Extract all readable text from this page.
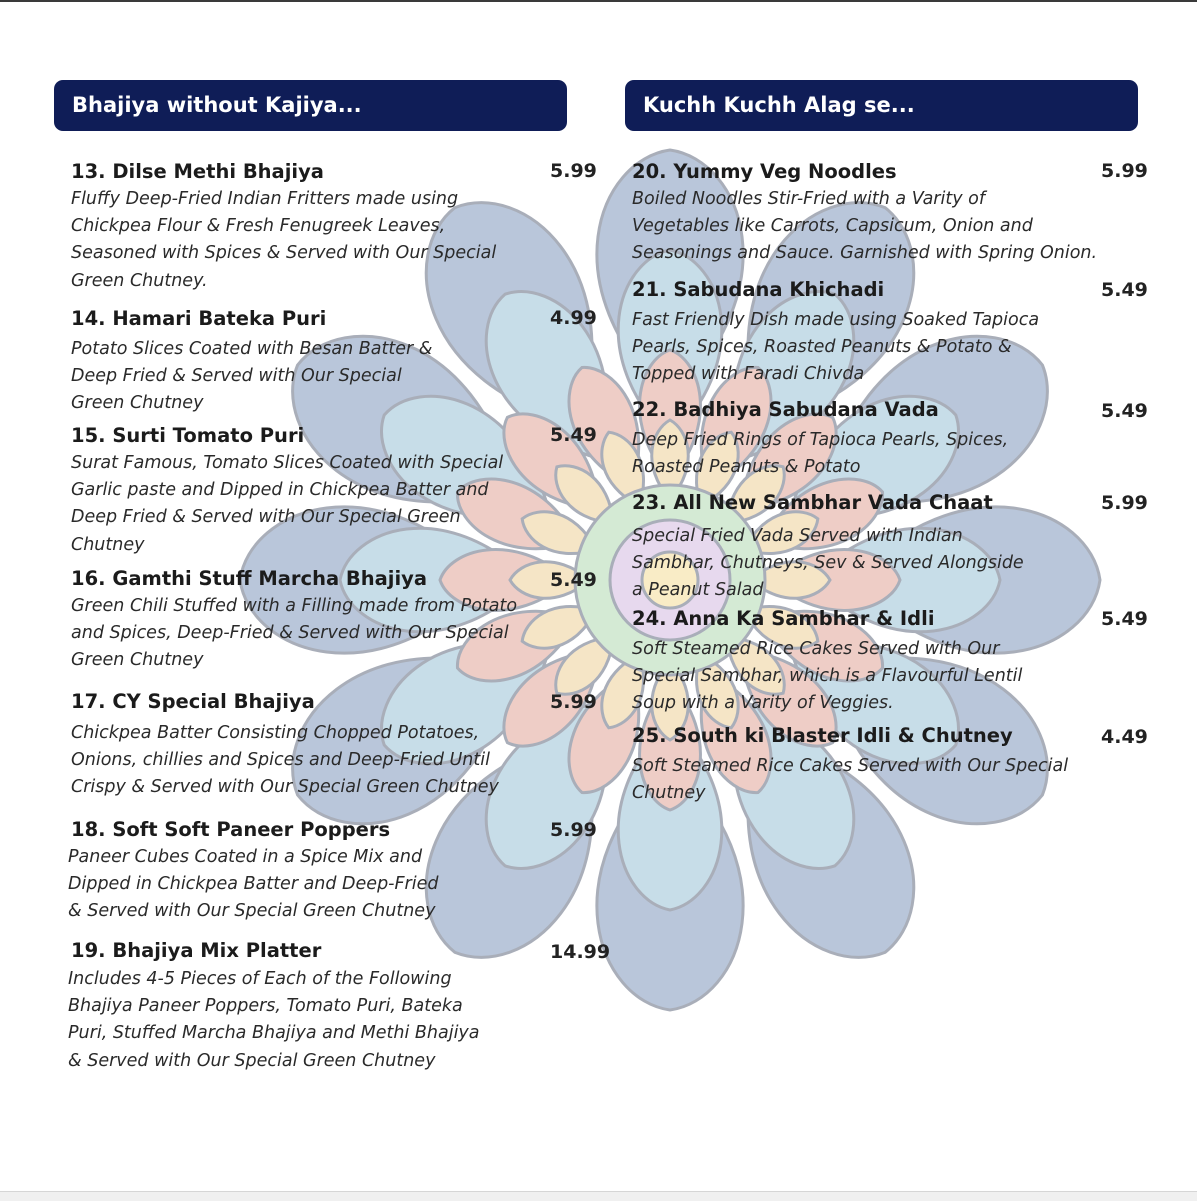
Bhajiya without Kajiya...	Kuchh Kuchh Alag se...
13. Dilse Methi Bhajiya	5.99
Fluffy Deep-Fried Indian Fritters made using
Chickpea Flour & Fresh Fenugreek Leaves,
Seasoned with Spices & Served with Our Special
Green Chutney.
14. Hamari Bateka Puri	4.99
Potato Slices Coated with Besan Batter &
Deep Fried & Served with Our Special
Green Chutney
15. Surti Tomato Puri	5.49
Surat Famous, Tomato Slices Coated with Special
Garlic paste and Dipped in Chickpea Batter and
Deep Fried & Served with Our Special Green
Chutney
16. Gamthi Stuff Marcha Bhajiya	5.49
Green Chili Stuffed with a Filling made from Potato
and Spices, Deep-Fried & Served with Our Special
Green Chutney
17. CY Special Bhajiya	5.99
Chickpea Batter Consisting Chopped Potatoes,
Onions, chillies and Spices and Deep-Fried Until
Crispy & Served with Our Special Green Chutney
18. Soft Soft Paneer Poppers	5.99
Paneer Cubes Coated in a Spice Mix and
Dipped in Chickpea Batter and Deep-Fried
& Served with Our Special Green Chutney
19. Bhajiya Mix Platter	14.99
Includes 4-5 Pieces of Each of the Following
Bhajiya Paneer Poppers, Tomato Puri, Bateka
Puri, Stuffed Marcha Bhajiya and Methi Bhajiya
& Served with Our Special Green Chutney
20. Yummy Veg Noodles	5.99
Boiled Noodles Stir-Fried with a Varity of
Vegetables like Carrots, Capsicum, Onion and
Seasonings and Sauce. Garnished with Spring Onion.
21. Sabudana Khichadi	5.49
Fast Friendly Dish made using Soaked Tapioca
Pearls, Spices, Roasted Peanuts & Potato &
Topped with Faradi Chivda
22. Badhiya Sabudana Vada	5.49
Deep Fried Rings of Tapioca Pearls, Spices,
Roasted Peanuts & Potato
23. All New Sambhar Vada Chaat	5.99
Special Fried Vada Served with Indian
Sambhar, Chutneys, Sev & Served Alongside
a Peanut Salad
24. Anna Ka Sambhar & Idli	5.49
Soft Steamed Rice Cakes Served with Our
Special Sambhar, which is a Flavourful Lentil
Soup with a Varity of Veggies.
25. South ki Blaster Idli & Chutney	4.49
Soft Steamed Rice Cakes Served with Our Special
Chutney
